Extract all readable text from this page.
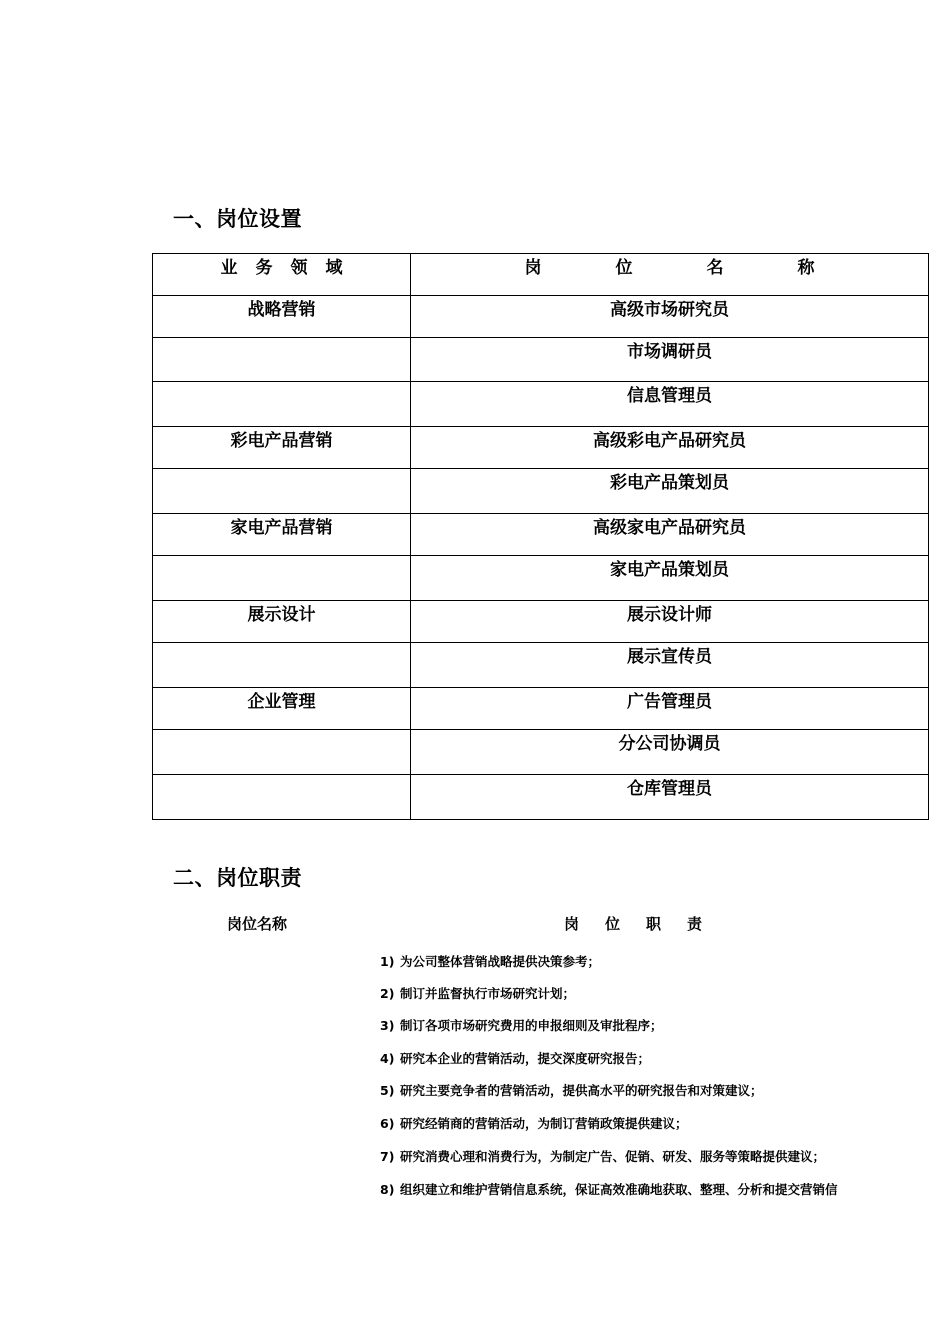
一、岗位设置
业务领域	岗位名称

战略营销	高级市场研究员

	市场调研员

	信息管理员

彩电产品营销	高级彩电产品研究员

	彩电产品策划员

家电产品营销	高级家电产品研究员

	家电产品策划员

展示设计	展示设计师

	展示宣传员

企业管理	广告管理员

	分公司协调员

	仓库管理员
二、岗位职责
岗位名称	岗位职责
1) 为公司整体营销战略提供决策参考；
2) 制订并监督执行市场研究计划；
3) 制订各项市场研究费用的申报细则及审批程序；
4) 研究本企业的营销活动，提交深度研究报告；
5) 研究主要竞争者的营销活动，提供高水平的研究报告和对策建议；
6) 研究经销商的营销活动，为制订营销政策提供建议；
7) 研究消费心理和消费行为，为制定广告、促销、研发、服务等策略提供建议；
8) 组织建立和维护营销信息系统，保证高效准确地获取、整理、分析和提交营销信
